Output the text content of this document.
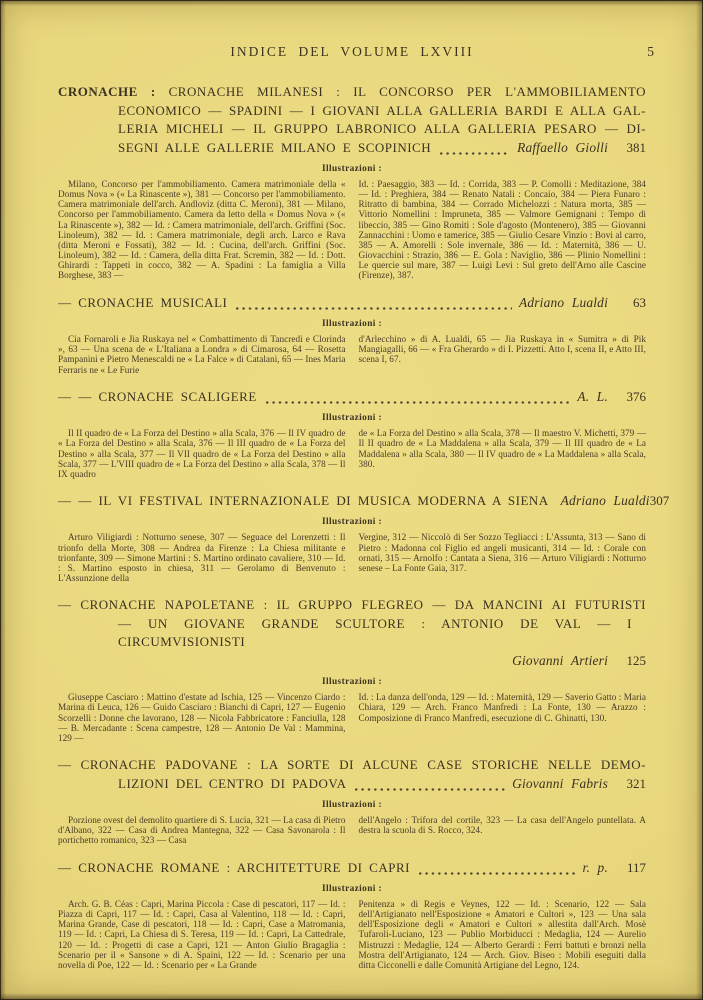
INDICE DEL VOLUME LXVIII	5
CRONACHE : CRONACHE MILANESI : IL CONCORSO PER L'AMMOBILIAMENTO
ECONOMICO — SPADINI — I GIOVANI ALLA GALLERIA BARDI E ALLA GAL-
LERIA MICHELI — IL GRUPPO LABRONICO ALLA GALLERIA PESARO — DI-
SEGNI ALLE GALLERIE MILANO E SCOPINICH	Raffaello Giolli	381
Illustrazioni :
Milano, Concorso per l'ammobiliamento. Camera matrimoniale della « Domus Nova » (« La Rinascente »), 381 — Concorso per l'ammobiliamento. Camera matrimoniale dell'arch. Andloviz (ditta C. Meroni), 381 — Milano, Concorso per l'ammobiliamento. Camera da letto della « Domus Nova » (« La Rinascente »), 382 — Id. : Camera matrimoniale, dell'arch. Griffini (Soc. Linoleum), 382 — Id. : Camera matrimoniale, degli arch. Larco e Rava (ditta Meroni e Fossati), 382 — Id. : Cucina, dell'arch. Griffini (Soc. Linoleum), 382 — Id. : Camera, della ditta Frat. Scremin, 382 — Id. : Dott. Ghirardi : Tappeti in cocco, 382 — A. Spadini : La famiglia a Villa Borghese, 383 —
Id. : Paesaggio, 383 — Id. : Corrida, 383 — P. Comolli : Meditazione, 384 — Id. : Preghiera, 384 — Renato Natali : Concaio, 384 — Piera Funaro : Ritratto di bambina, 384 — Corrado Michelozzi : Natura morta, 385 — Vittorio Nomellini : Impruneta, 385 — Valmore Gemignani : Tempo di libeccio, 385 — Gino Romiti : Sole d'agosto (Montenero), 385 — Giovanni Zannacchini : Uomo e tamerice, 385 — Giulio Cesare Vinzio : Bovi al carro, 385 — A. Amorelli : Sole invernale, 386 — Id. : Maternità, 386 — U. Giovacchini : Strazio, 386 — E. Gola : Naviglio, 386 — Plinio Nomellini : Le quercie sul mare, 387 — Luigi Levi : Sul greto dell'Arno alle Cascine (Firenze), 387.
— CRONACHE MUSICALI	Adriano Lualdi	63
Illustrazioni :
Cia Fornaroli e Jia Ruskaya nel « Combattimento di Tancredi e Clorinda », 63 — Una scena de « L'Italiana a Londra » di Cimarosa, 64 — Rosetta Pampanini e Pietro Menescaldi ne « La Falce » di Catalani, 65 — Ines Maria Ferraris ne « Le Furie
d'Arlecchino » di A. Lualdi, 65 — Jia Ruskaya in « Sumitra » di Pik Mangiagalli, 66 — « Fra Gherardo » di I. Pizzetti. Atto I, scena II, e Atto III, scena I, 67.
— — CRONACHE SCALIGERE	A. L.	376
Illustrazioni :
Il II quadro de « La Forza del Destino » alla Scala, 376 — Il IV quadro de « La Forza del Destino » alla Scala, 376 — Il III quadro de « La Forza del Destino » alla Scala, 377 — Il VII quadro de « La Forza del Destino » alla Scala, 377 — L'VIII quadro de « La Forza del Destino » alla Scala, 378 — Il IX quadro
de « La Forza del Destino » alla Scala, 378 — Il maestro V. Michetti, 379 — Il II quadro de « La Maddalena » alla Scala, 379 — Il III quadro de « La Maddalena » alla Scala, 380 — Il IV quadro de « La Maddalena » alla Scala, 380.
— — IL VI FESTIVAL INTERNAZIONALE DI MUSICA MODERNA A SIENA Adriano Lualdi 307
Illustrazioni :
Arturo Viligiardi : Notturno senese, 307 — Seguace del Lorenzetti : Il trionfo della Morte, 308 — Andrea da Firenze : La Chiesa militante e trionfante, 309 — Simone Martini : S. Martino ordinato cavaliere, 310 — Id. : S. Martino esposto in chiesa, 311 — Gerolamo di Benvenuto : L'Assunzione della
Vergine, 312 — Niccolò di Ser Sozzo Tegliacci : L'Assunta, 313 — Sano di Pietro : Madonna col Figlio ed angeli musicanti, 314 — Id. : Corale con ornati, 315 — Arnolfo : Cantata a Siena, 316 — Arturo Viligiardi : Notturno senese – La Fonte Gaia, 317.
— CRONACHE NAPOLETANE : IL GRUPPO FLEGREO — DA MANCINI AI FUTURISTI
— UN GIOVANE GRANDE SCULTORE : ANTONIO DE VAL — I CIRCUMVISIONISTI
Giovanni Artieri	125
Illustrazioni :
Giuseppe Casciaro : Mattino d'estate ad Ischia, 125 — Vincenzo Ciardo : Marina di Leuca, 126 — Guido Casciaro : Bianchi di Capri, 127 — Eugenio Scorzelli : Donne che lavorano, 128 — Nicola Fabbricatore : Fanciulla, 128 — B. Mercadante : Scena campestre, 128 — Antonio De Val : Mammina, 129 —
Id. : La danza dell'onda, 129 — Id. : Maternità, 129 — Saverio Gatto : Maria Chiara, 129 — Arch. Franco Manfredi : La Fonte, 130 — Arazzo : Composizione di Franco Manfredi, esecuzione di C. Ghinatti, 130.
— CRONACHE PADOVANE : LA SORTE DI ALCUNE CASE STORICHE NELLE DEMO-
LIZIONI DEL CENTRO DI PADOVA	Giovanni Fabris	321
Illustrazioni :
Porzione ovest del demolito quartiere di S. Lucia, 321 — La casa di Pietro d'Albano, 322 — Casa di Andrea Mantegna, 322 — Casa Savonarola : Il portichetto romanico, 323 — Casa
dell'Angelo : Trifora del cortile, 323 — La casa dell'Angelo puntellata. A destra la scuola di S. Rocco, 324.
— CRONACHE ROMANE : ARCHITETTURE DI CAPRI	r. p.	117
Illustrazioni :
Arch. G. B. Céas : Capri, Marina Piccola : Case di pescatori, 117 — Id. : Piazza di Capri, 117 — Id. : Capri, Casa al Valentino, 118 — Id. : Capri, Marina Grande, Case di pescatori, 118 — Id. : Capri, Case a Matromania, 119 — Id. : Capri, La Chiesa di S. Teresa, 119 — Id. : Capri, La Cattedrale, 120 — Id. : Progetti di case a Capri, 121 — Anton Giulio Bragaglia : Scenario per il « Sansone » di A. Spaini, 122 — Id. : Scenario per una novella di Poe, 122 — Id. : Scenario per « La Grande
Penitenza » di Regis e Veynes, 122 — Id. : Scenario, 122 — Sala dell'Artigianato nell'Esposizione « Amatori e Cultori », 123 — Una sala dell'Esposizione degli « Amatori e Cultori » allestita dall'Arch. Mosè Tufaroli-Luciano, 123 — Publio Morbiducci : Medaglia, 124 — Aurelio Mistruzzi : Medaglie, 124 — Alberto Gerardi : Ferri battuti e bronzi nella Mostra dell'Artigianato, 124 — Arch. Giov. Biseo : Mobili eseguiti dalla ditta Cicconelli e dalle Comunità Artigiane del Legno, 124.
